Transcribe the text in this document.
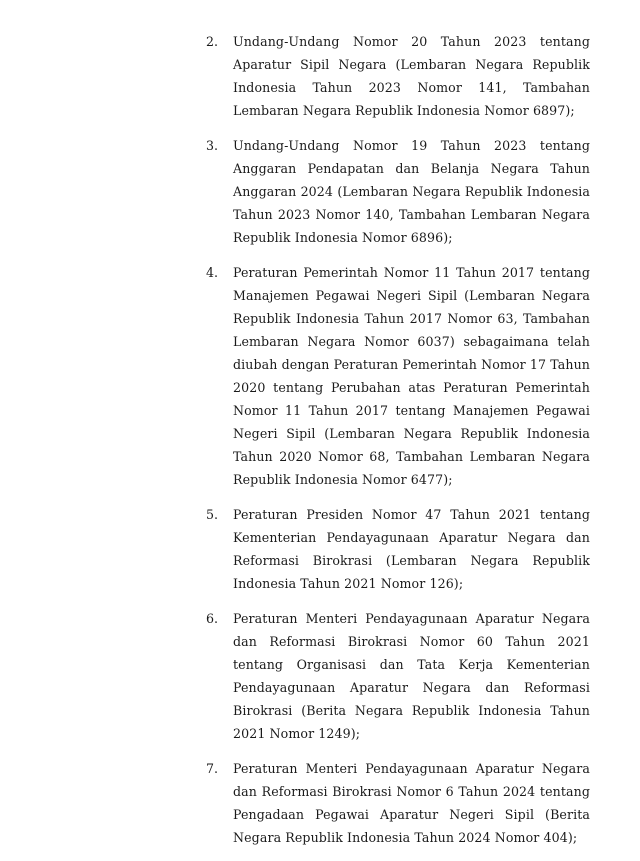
2.	Undang-Undang Nomor 20 Tahun 2023 tentang Aparatur Sipil Negara (Lembaran Negara Republik Indonesia Tahun 2023 Nomor 141, Tambahan Lembaran Negara Republik Indonesia Nomor 6897);
3.	Undang-Undang Nomor 19 Tahun 2023 tentang Anggaran Pendapatan dan Belanja Negara Tahun Anggaran 2024 (Lembaran Negara Republik Indonesia Tahun 2023 Nomor 140, Tambahan Lembaran Negara Republik Indonesia Nomor 6896);
4.	Peraturan Pemerintah Nomor 11 Tahun 2017 tentang Manajemen Pegawai Negeri Sipil (Lembaran Negara Republik Indonesia Tahun 2017 Nomor 63, Tambahan Lembaran Negara Nomor 6037) sebagaimana telah diubah dengan Peraturan Pemerintah Nomor 17 Tahun 2020 tentang Perubahan atas Peraturan Pemerintah Nomor 11 Tahun 2017 tentang Manajemen Pegawai Negeri Sipil (Lembaran Negara Republik Indonesia Tahun 2020 Nomor 68, Tambahan Lembaran Negara Republik Indonesia Nomor 6477);
5.	Peraturan Presiden Nomor 47 Tahun 2021 tentang Kementerian Pendayagunaan Aparatur Negara dan Reformasi Birokrasi (Lembaran Negara Republik Indonesia Tahun 2021 Nomor 126);
6.	Peraturan Menteri Pendayagunaan Aparatur Negara dan Reformasi Birokrasi Nomor 60 Tahun 2021 tentang Organisasi dan Tata Kerja Kementerian Pendayagunaan Aparatur Negara dan Reformasi Birokrasi (Berita Negara Republik Indonesia Tahun 2021 Nomor 1249);
7.	Peraturan Menteri Pendayagunaan Aparatur Negara dan Reformasi Birokrasi Nomor 6 Tahun 2024 tentang Pengadaan Pegawai Aparatur Negeri Sipil (Berita Negara Republik Indonesia Tahun 2024 Nomor 404);
